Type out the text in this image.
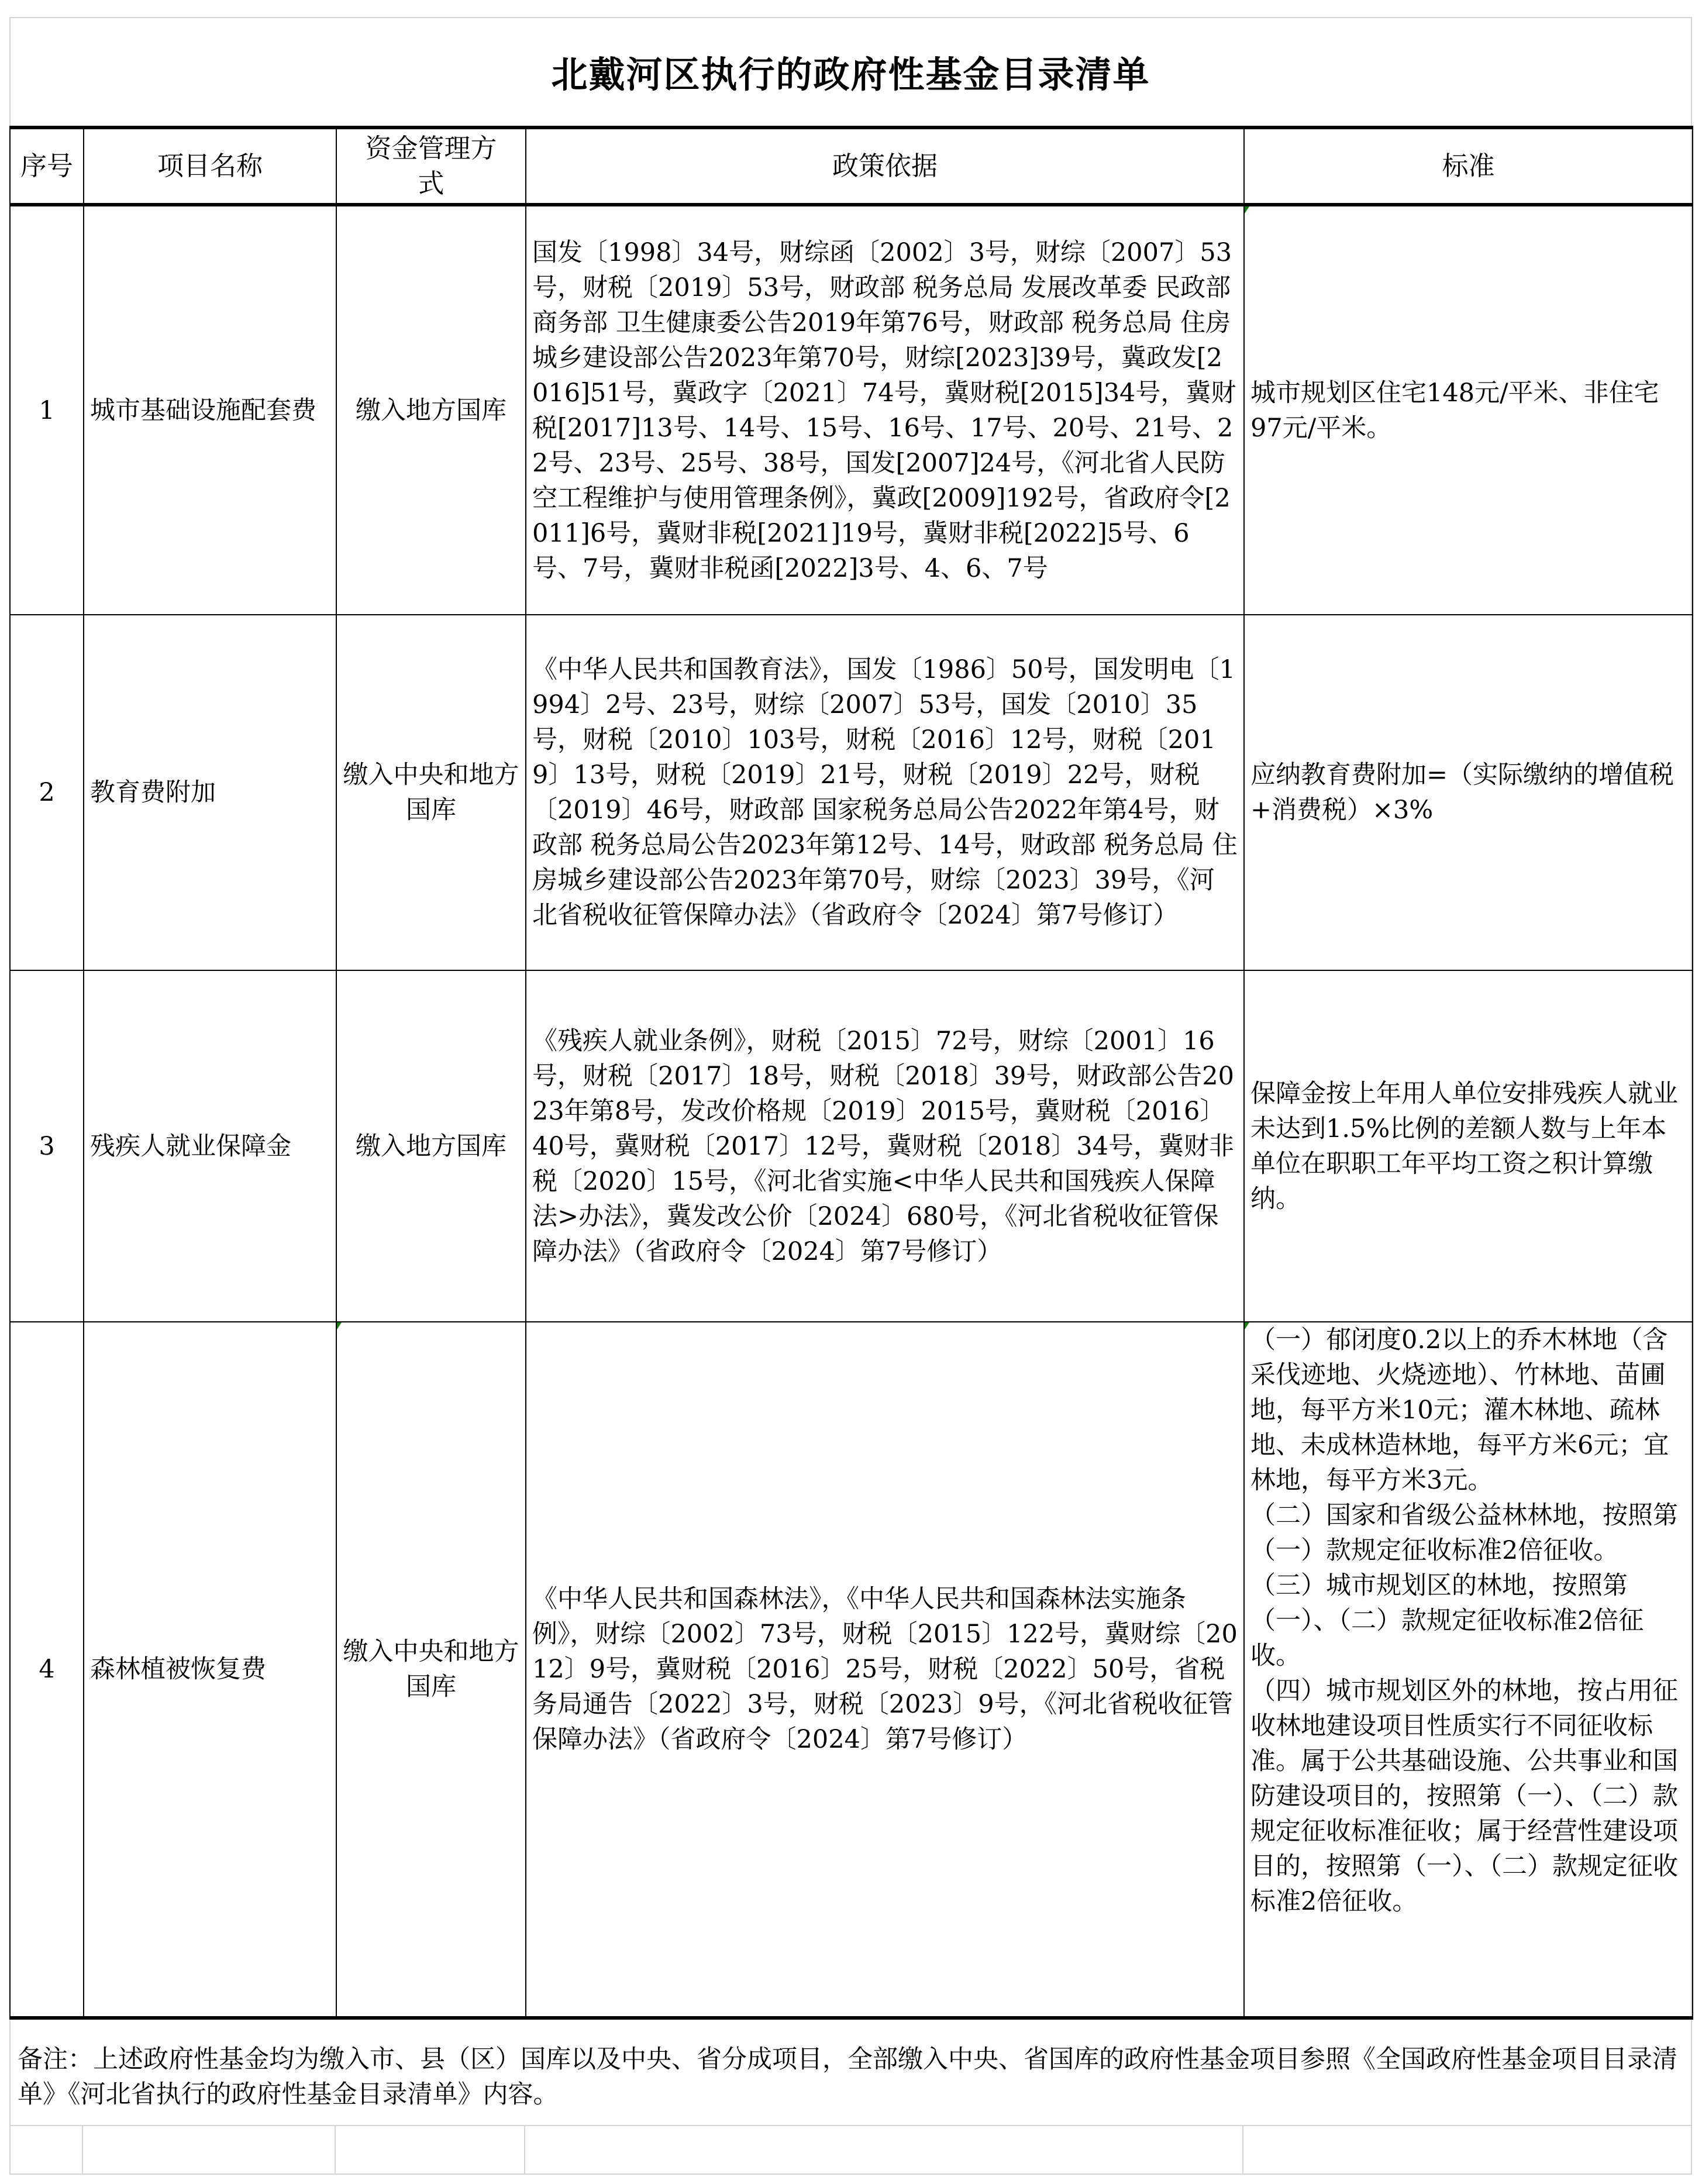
北戴河区执行的政府性基金目录清单
序号	项目名称	资金管理方式	政策依据	标准
1	城市基础设施配套费	缴入地方国库	国发〔1998〕34号，财综函〔2002〕3号，财综〔2007〕53号，财税〔2019〕53号，财政部 税务总局 发展改革委 民政部 商务部 卫生健康委公告2019年第76号，财政部 税务总局 住房城乡建设部公告2023年第70号，财综[2023]39号，冀政发[2016]51号，冀政字〔2021〕74号，冀财税[2015]34号，冀财税[2017]13号、14号、15号、16号、17号、20号、21号、22号、23号、25号、38号，国发[2007]24号，《河北省人民防空工程维护与使用管理条例》，冀政[2009]192号，省政府令[2011]6号，冀财非税[2021]19号，冀财非税[2022]5号、6号、7号，冀财非税函[2022]3号、4、6、7号	城市规划区住宅148元/平米、非住宅97元/平米。
2	教育费附加	缴入中央和地方国库	《中华人民共和国教育法》，国发〔1986〕50号，国发明电〔1994〕2号、23号，财综〔2007〕53号，国发〔2010〕35号，财税〔2010〕103号，财税〔2016〕12号，财税〔2019〕13号，财税〔2019〕21号，财税〔2019〕22号，财税〔2019〕46号，财政部 国家税务总局公告2022年第4号，财政部 税务总局公告2023年第12号、14号，财政部 税务总局 住房城乡建设部公告2023年第70号，财综〔2023〕39号，《河北省税收征管保障办法》（省政府令〔2024〕第7号修订）	应纳教育费附加=（实际缴纳的增值税+消费税）×3%
3	残疾人就业保障金	缴入地方国库	《残疾人就业条例》，财税〔2015〕72号，财综〔2001〕16号，财税〔2017〕18号，财税〔2018〕39号，财政部公告2023年第8号，发改价格规〔2019〕2015号，冀财税〔2016〕40号，冀财税〔2017〕12号，冀财税〔2018〕34号，冀财非税〔2020〕15号，《河北省实施<中华人民共和国残疾人保障法>办法》，冀发改公价〔2024〕680号，《河北省税收征管保障办法》（省政府令〔2024〕第7号修订）	保障金按上年用人单位安排残疾人就业未达到1.5%比例的差额人数与上年本单位在职职工年平均工资之积计算缴纳。
4	森林植被恢复费	缴入中央和地方国库	《中华人民共和国森林法》，《中华人民共和国森林法实施条例》，财综〔2002〕73号，财税〔2015〕122号，冀财综〔2012〕9号，冀财税〔2016〕25号，财税〔2022〕50号，省税务局通告〔2022〕3号，财税〔2023〕9号，《河北省税收征管保障办法》（省政府令〔2024〕第7号修订）	（一）郁闭度0.2以上的乔木林地（含采伐迹地、火烧迹地）、竹林地、苗圃地，每平方米10元；灌木林地、疏林地、未成林造林地，每平方米6元；宜林地，每平方米3元。
（二）国家和省级公益林林地，按照第（一）款规定征收标准2倍征收。
（三）城市规划区的林地，按照第（一）、（二）款规定征收标准2倍征收。
（四）城市规划区外的林地，按占用征收林地建设项目性质实行不同征收标准。属于公共基础设施、公共事业和国防建设项目的，按照第（一）、（二）款规定征收标准征收；属于经营性建设项目的，按照第（一）、（二）款规定征收标准2倍征收。
备注：上述政府性基金均为缴入市、县（区）国库以及中央、省分成项目，全部缴入中央、省国库的政府性基金项目参照《全国政府性基金项目目录清单》《河北省执行的政府性基金目录清单》内容。
